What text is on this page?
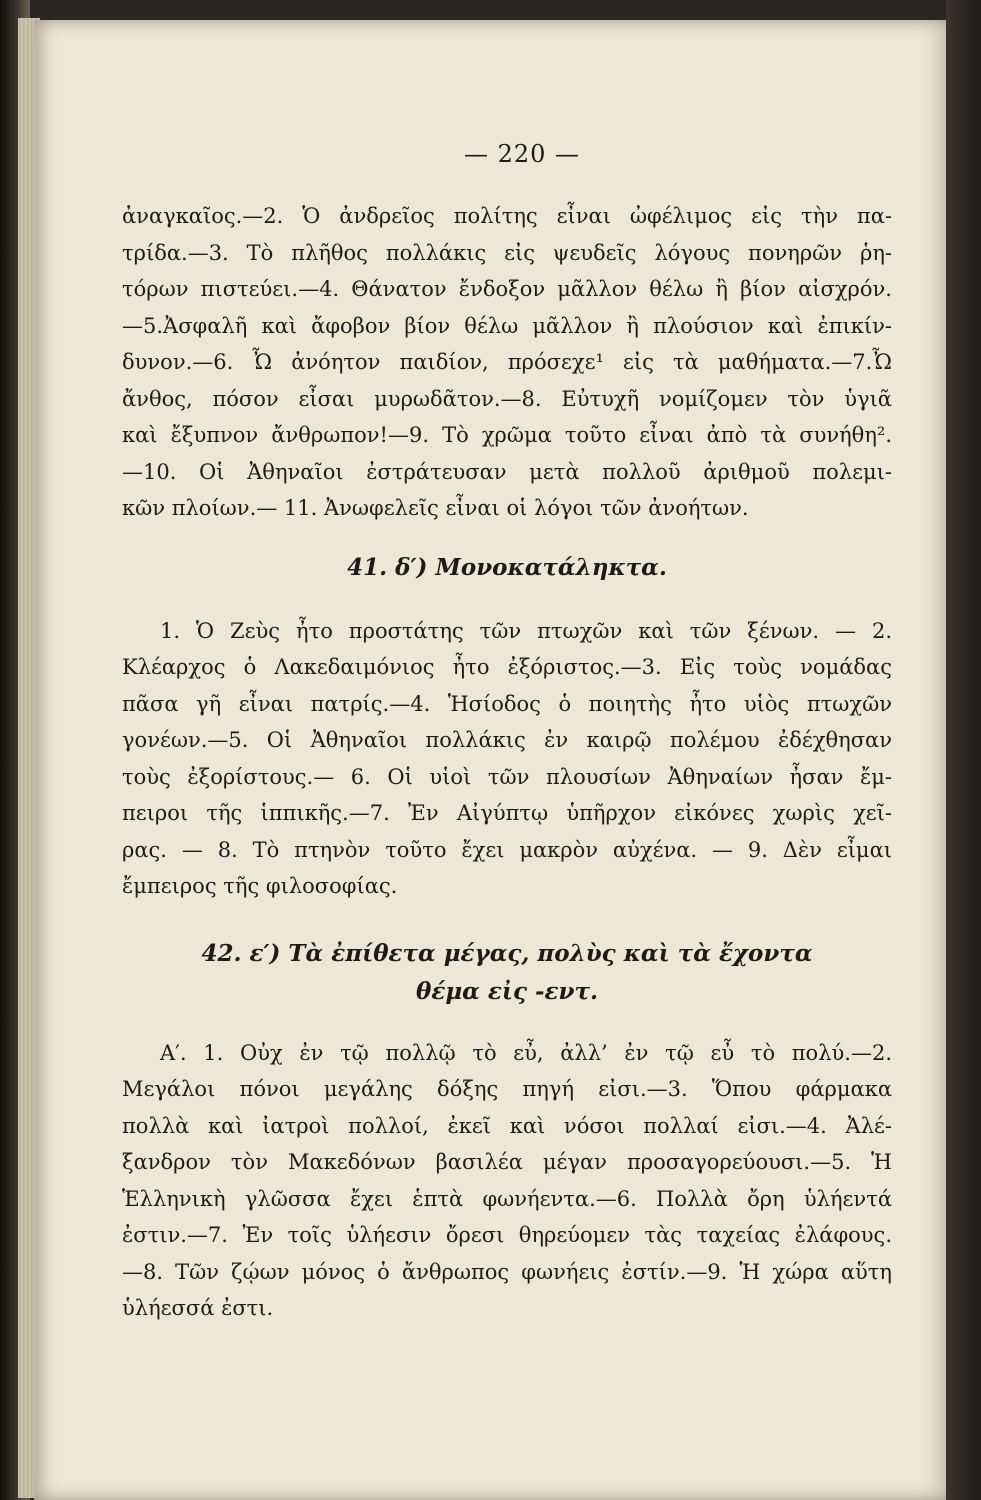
— 220 —
ἀναγκαῖος.—2. Ὁ ἀνδρεῖος πολίτης εἶναι ὠφέλιμος εἰς τὴν πα-
τρίδα.—3. Τὸ πλῆθος πολλάκις εἰς ψευδεῖς λόγους πονηρῶν ῥη-
τόρων πιστεύει.—4. Θάνατον ἔνδοξον μᾶλλον θέλω ἢ βίον αἰσχρόν.
—5.Ἀσφαλῆ καὶ ἄφοβον βίον θέλω μᾶλλον ἢ πλούσιον καὶ ἐπικίν-
δυνον.—6. Ὦ ἀνόητον παιδίον, πρόσεχε¹ εἰς τὰ μαθήματα.—7.Ὦ
ἄνθος, πόσον εἶσαι μυρωδᾶτον.—8. Εὐτυχῆ νομίζομεν τὸν ὑγιᾶ
καὶ ἔξυπνον ἄνθρωπον!—9. Τὸ χρῶμα τοῦτο εἶναι ἀπὸ τὰ συνήθη².
—10. Οἱ Ἀθηναῖοι ἐστράτευσαν μετὰ πολλοῦ ἀριθμοῦ πολεμι-
κῶν πλοίων.— 11. Ἀνωφελεῖς εἶναι οἱ λόγοι τῶν ἀνοήτων.
41. δ′) Μονοκατάληκτα.
1. Ὁ Ζεὺς ἦτο προστάτης τῶν πτωχῶν καὶ τῶν ξένων. — 2.
Κλέαρχος ὁ Λακεδαιμόνιος ἦτο ἐξόριστος.—3. Εἰς τοὺς νομάδας
πᾶσα γῆ εἶναι πατρίς.—4. Ἡσίοδος ὁ ποιητὴς ἦτο υἱὸς πτωχῶν
γονέων.—5. Οἱ Ἀθηναῖοι πολλάκις ἐν καιρῷ πολέμου ἐδέχθησαν
τοὺς ἐξορίστους.— 6. Οἱ υἱοὶ τῶν πλουσίων Ἀθηναίων ἦσαν ἔμ-
πειροι τῆς ἱππικῆς.—7. Ἐν Αἰγύπτῳ ὑπῆρχον εἰκόνες χωρὶς χεῖ-
ρας. — 8. Τὸ πτηνὸν τοῦτο ἔχει μακρὸν αὐχένα. — 9. Δὲν εἶμαι
ἔμπειρος τῆς φιλοσοφίας.
42. ε′) Τὰ ἐπίθετα μέγας, πολὺς καὶ τὰ ἔχοντα
θέμα εἰς -εντ.
Α′. 1. Οὐχ ἐν τῷ πολλῷ τὸ εὖ, ἀλλ’ ἐν τῷ εὖ τὸ πολύ.—2.
Μεγάλοι πόνοι μεγάλης δόξης πηγή εἰσι.—3. Ὅπου φάρμακα
πολλὰ καὶ ἰατροὶ πολλοί, ἐκεῖ καὶ νόσοι πολλαί εἰσι.—4. Ἀλέ-
ξανδρον τὸν Μακεδόνων βασιλέα μέγαν προσαγορεύουσι.—5. Ἡ
Ἑλληνικὴ γλῶσσα ἔχει ἑπτὰ φωνήεντα.—6. Πολλὰ ὄρη ὑλήεντά
ἐστιν.—7. Ἐν τοῖς ὑλήεσιν ὄρεσι θηρεύομεν τὰς ταχείας ἐλάφους.
—8. Τῶν ζῴων μόνος ὁ ἄνθρωπος φωνήεις ἐστίν.—9. Ἡ χώρα αὕτη
ὑλήεσσά ἐστι.
